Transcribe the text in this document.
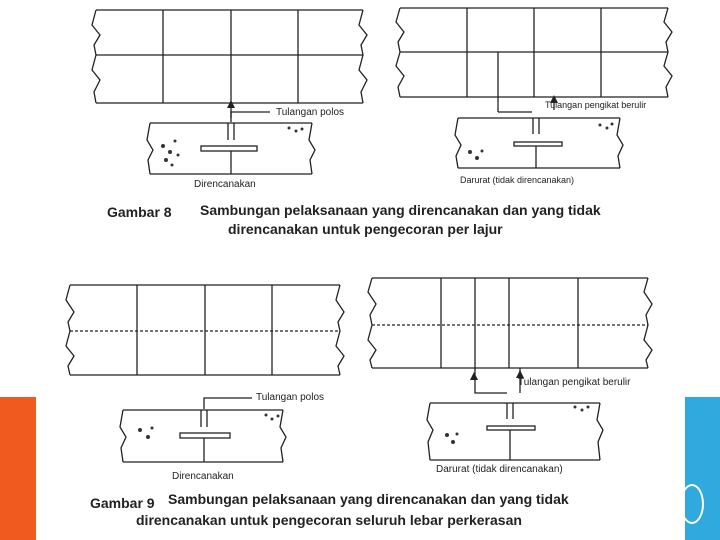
Tulangan polos
Direncanakan
Tulangan pengikat berulir
Darurat (tidak direncanakan)
Gambar 8 Sambungan pelaksanaan yang direncanakan dan yang tidak
direncanakan untuk pengecoran per lajur
Tulangan polos
Direncanakan
Tulangan pengikat berulir
Darurat (tidak direncanakan)
Gambar 9 Sambungan pelaksanaan yang direncanakan dan yang tidak
direncanakan untuk pengecoran seluruh lebar perkerasan
